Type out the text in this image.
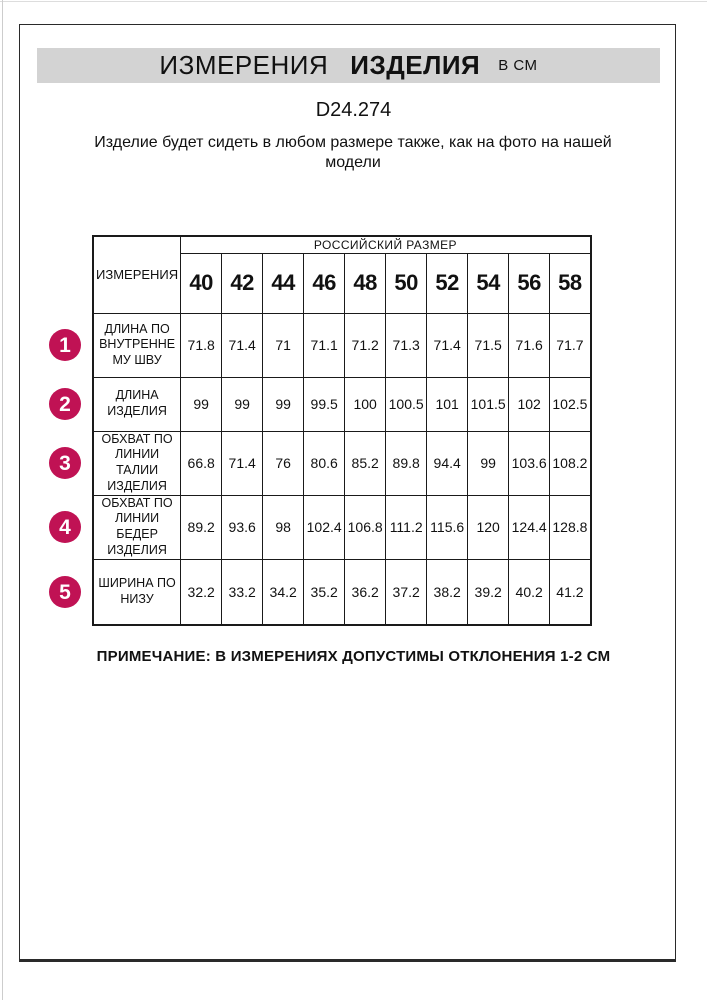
ИЗМЕРЕНИЯ ИЗДЕЛИЯ В СМ
D24.274
Изделие будет сидеть в любом размере также, как на фото на нашей модели
ИЗМЕРЕНИЯ	РОССИЙСКИЙ РАЗМЕР									
	40	42	44	46	48	50	52	54	56	58
ДЛИНА ПО
ВНУТРЕННЕ
МУ ШВУ	71.8	71.4	71	71.1	71.2	71.3	71.4	71.5	71.6	71.7
ДЛИНА
ИЗДЕЛИЯ	99	99	99	99.5	100	100.5	101	101.5	102	102.5
ОБХВАТ ПО
ЛИНИИ
ТАЛИИ
ИЗДЕЛИЯ	66.8	71.4	76	80.6	85.2	89.8	94.4	99	103.6	108.2
ОБХВАТ ПО
ЛИНИИ
БЕДЕР
ИЗДЕЛИЯ	89.2	93.6	98	102.4	106.8	111.2	115.6	120	124.4	128.8
ШИРИНА ПО
НИЗУ	32.2	33.2	34.2	35.2	36.2	37.2	38.2	39.2	40.2	41.2
ПРИМЕЧАНИЕ: В ИЗМЕРЕНИЯХ ДОПУСТИМЫ ОТКЛОНЕНИЯ 1-2 СМ
1
2
3
4
5
